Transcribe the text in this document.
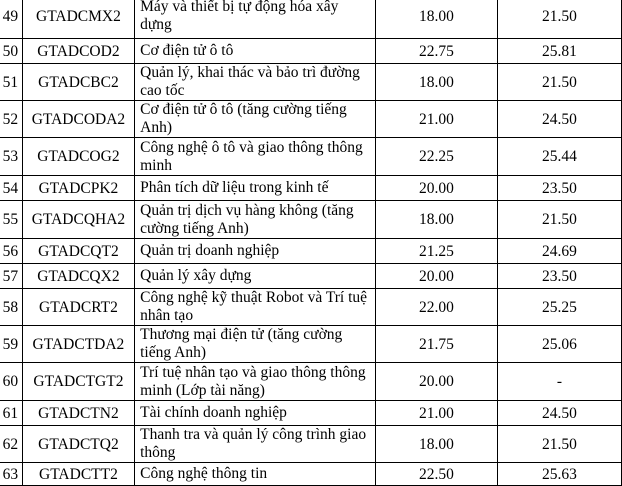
49	GTADCMX2	Máy và thiết bị tự động hóa xây dựng	18.00	21.50
50	GTADCOD2	Cơ điện tử ô tô	22.75	25.81
51	GTADCBC2	Quản lý, khai thác và bảo trì đường cao tốc	18.00	21.50
52	GTADCODA2	Cơ điện tử ô tô (tăng cường tiếng Anh)	21.00	24.50
53	GTADCOG2	Công nghệ ô tô và giao thông thông minh	22.25	25.44
54	GTADCPK2	Phân tích dữ liệu trong kinh tế	20.00	23.50
55	GTADCQHA2	Quản trị dịch vụ hàng không (tăng cường tiếng Anh)	18.00	21.50
56	GTADCQT2	Quản trị doanh nghiệp	21.25	24.69
57	GTADCQX2	Quản lý xây dựng	20.00	23.50
58	GTADCRT2	Công nghệ kỹ thuật Robot và Trí tuệ nhân tạo	22.00	25.25
59	GTADCTDA2	Thương mại điện tử (tăng cường tiếng Anh)	21.75	25.06
60	GTADCTGT2	Trí tuệ nhân tạo và giao thông thông minh (Lớp tài năng)	20.00	-
61	GTADCTN2	Tài chính doanh nghiệp	21.00	24.50
62	GTADCTQ2	Thanh tra và quản lý công trình giao thông	18.00	21.50
63	GTADCTT2	Công nghệ thông tin	22.50	25.63
